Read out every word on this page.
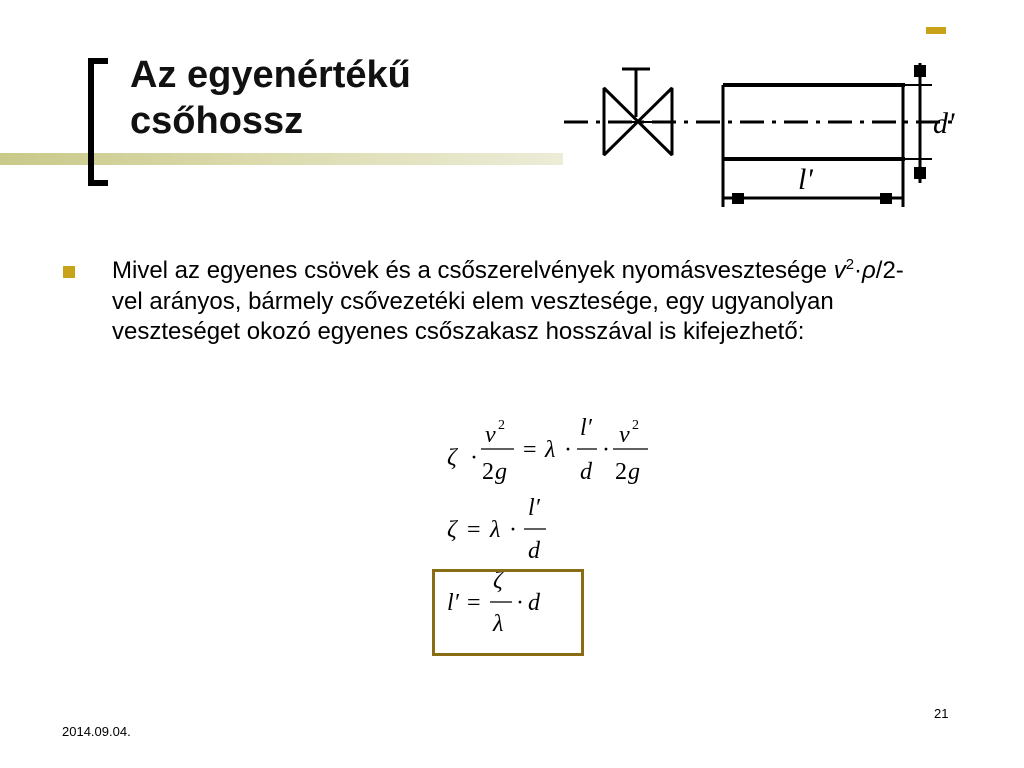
Az egyenértékű
csőhossz	d'
l'

Mivel az egyenes csövek és a csőszerelvények nyomásvesztesége $v^2\cdot\rho/2$-vel arányos, bármely csővezetéki elem vesztesége, egy ugyanolyan veszteséget okozó egyenes csőszakasz hosszával is kifejezhető:

ζ ·
v 2
2 g
= λ ·
l′
d
·
v 2
2 g
ζ = λ ·
l′
d
l′ =
ζ
λ
· d
2014.09.04.
21
